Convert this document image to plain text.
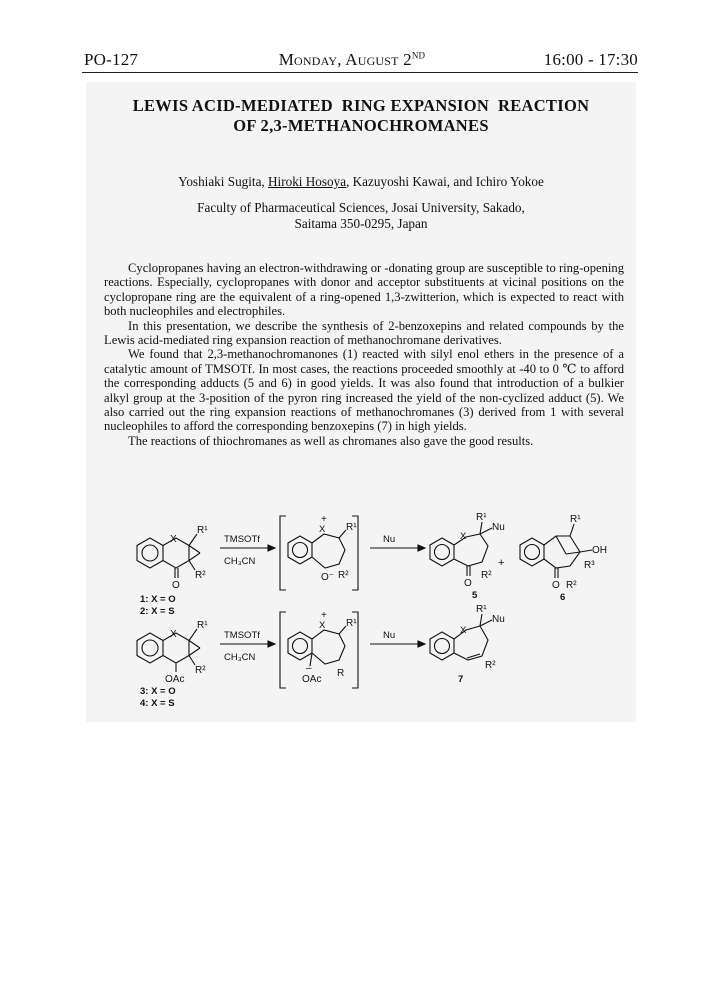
PO-127	Monday, August 2ND	16:00 - 17:30
LEWIS ACID-MEDIATED  RING EXPANSION  REACTION
OF 2,3-METHANOCHROMANES
Yoshiaki Sugita, Hiroki Hosoya, Kazuyoshi Kawai, and Ichiro Yokoe
Faculty of Pharmaceutical Sciences, Josai University, Sakado,
Saitama 350-0295, Japan

Cyclopropanes having an electron-withdrawing or -donating group are susceptible to ring-opening reactions. Especially, cyclopropanes with donor and acceptor substituents at vicinal positions on the cyclopropane ring are the equivalent of a ring-opened 1,3-zwitterion, which is expected to react with both nucleophiles and electrophiles.

In this presentation, we describe the synthesis of 2-benzoxepins and related compounds by the Lewis acid-mediated ring expansion reaction of methanochromane derivatives.

We found that 2,3-methanochromanones (1) reacted with silyl enol ethers in the presence of a catalytic amount of TMSOTf. In most cases, the reactions proceeded smoothly at -40 to 0 ℃ to afford the corresponding adducts (5 and 6) in good yields. It was also found that introduction of a bulkier alkyl group at the 3-position of the pyron ring increased the yield of the non-cyclized adduct (5). We also carried out the ring expansion reactions of methanochromanes (3) derived from 1 with several nucleophiles to afford the corresponding benzoxepins (7) in high yields.

The reactions of thiochromanes as well as chromanes also gave the good results.

X
R¹
R²
O
1: X = O
2: X = S
TMSOTf
CH₃CN
X
+
R¹
O⁻ R²
Nu	X
R¹
Nu
O
R²
5
+
R¹
OH
R³
O R²
6
X
R¹
R²
OAc
3: X = O
4: X = S
TMSOTf
CH₃CN
X
+
R¹
–
OAc
R
Nu	X
R¹
Nu
R²
7
